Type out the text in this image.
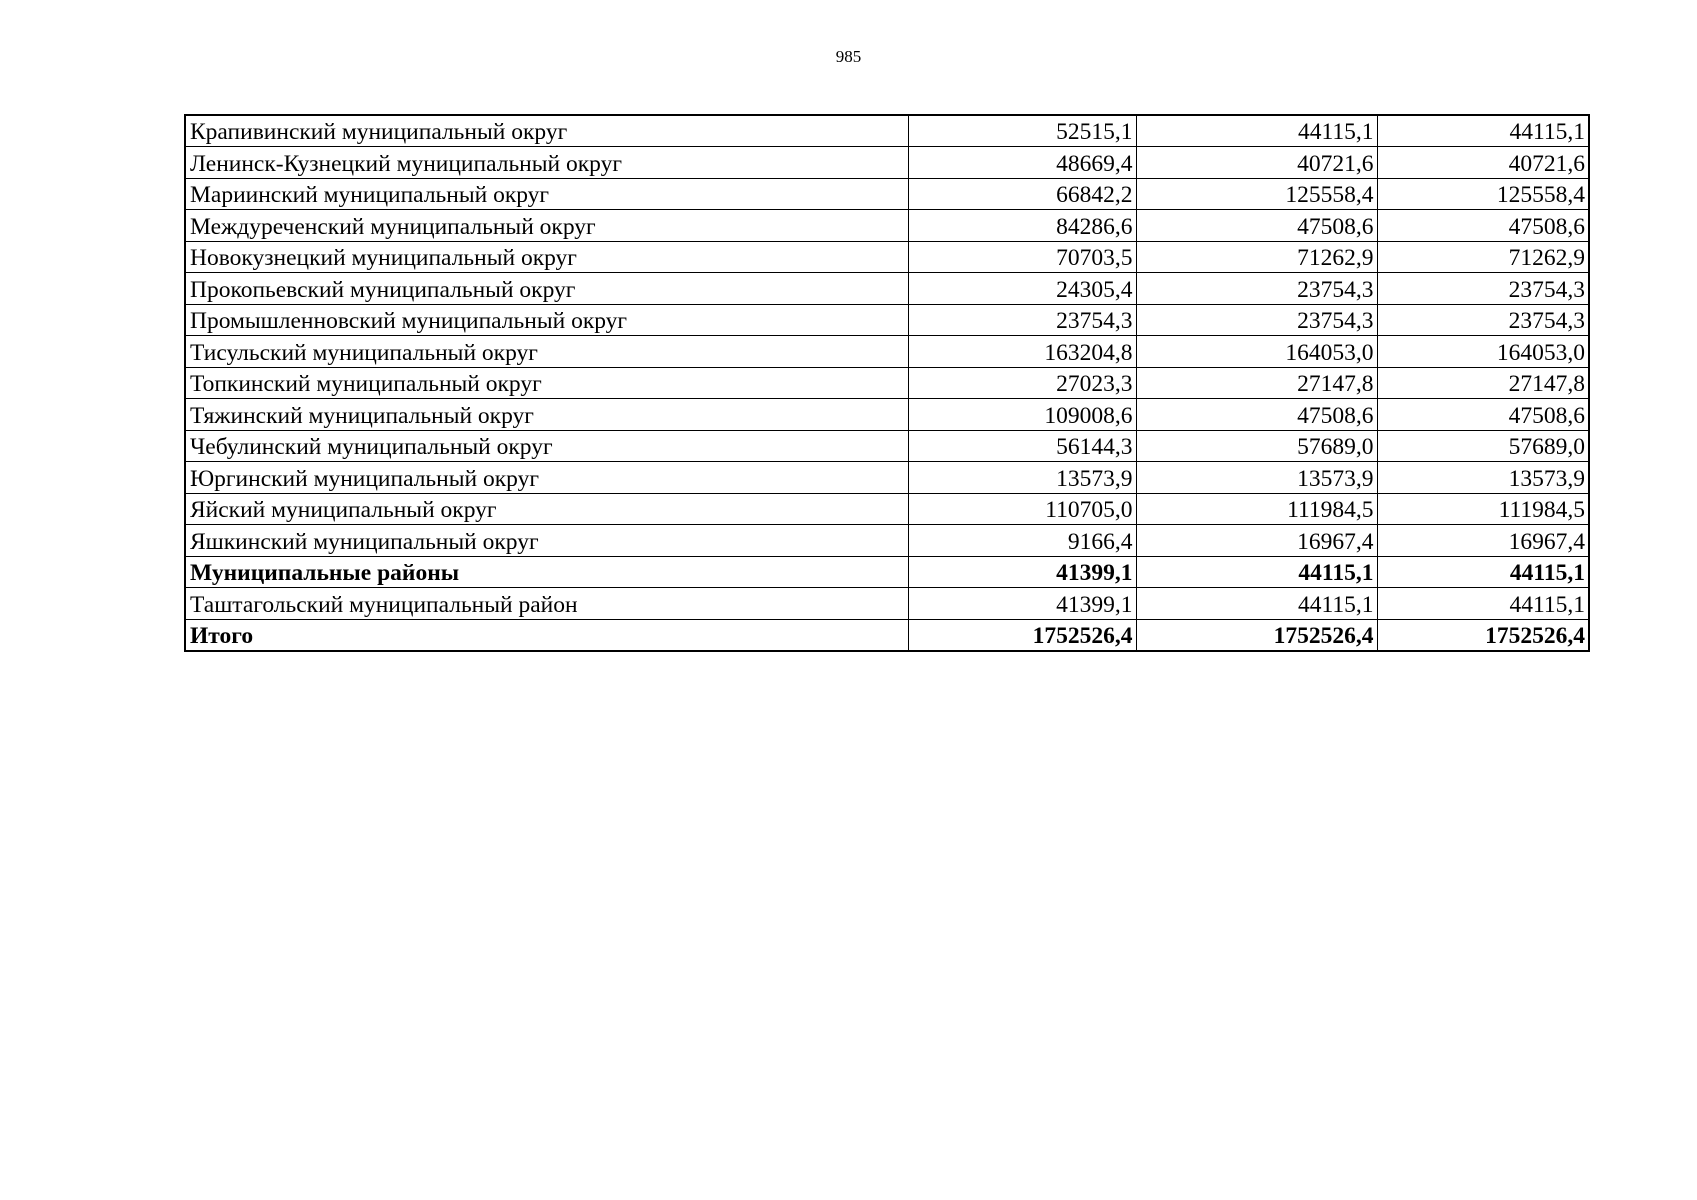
985
Крапивинский муниципальный округ	52515,1	44115,1	44115,1
Ленинск-Кузнецкий муниципальный округ	48669,4	40721,6	40721,6
Мариинский муниципальный округ	66842,2	125558,4	125558,4
Междуреченский муниципальный округ	84286,6	47508,6	47508,6
Новокузнецкий муниципальный округ	70703,5	71262,9	71262,9
Прокопьевский муниципальный округ	24305,4	23754,3	23754,3
Промышленновский муниципальный округ	23754,3	23754,3	23754,3
Тисульский муниципальный округ	163204,8	164053,0	164053,0
Топкинский муниципальный округ	27023,3	27147,8	27147,8
Тяжинский муниципальный округ	109008,6	47508,6	47508,6
Чебулинский муниципальный округ	56144,3	57689,0	57689,0
Юргинский муниципальный округ	13573,9	13573,9	13573,9
Яйский муниципальный округ	110705,0	111984,5	111984,5
Яшкинский муниципальный округ	9166,4	16967,4	16967,4
Муниципальные районы	41399,1	44115,1	44115,1
Таштагольский муниципальный район	41399,1	44115,1	44115,1
Итого	1752526,4	1752526,4	1752526,4
